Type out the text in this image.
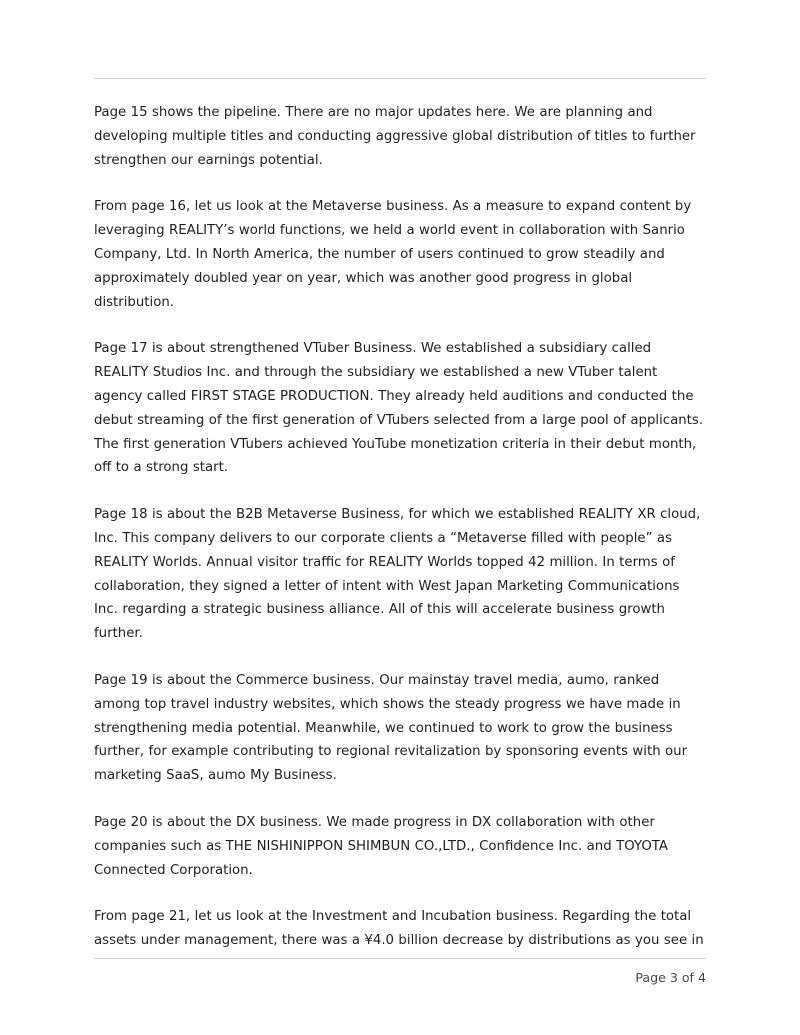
Page 15 shows the pipeline. There are no major updates here. We are planning and developing multiple titles and conducting aggressive global distribution of titles to further strengthen our earnings potential.

From page 16, let us look at the Metaverse business. As a measure to expand content by leveraging REALITY’s world functions, we held a world event in collaboration with Sanrio Company, Ltd. In North America, the number of users continued to grow steadily and approximately doubled year on year, which was another good progress in global distribution.

Page 17 is about strengthened VTuber Business. We established a subsidiary called REALITY Studios Inc. and through the subsidiary we established a new VTuber talent agency called FIRST STAGE PRODUCTION. They already held auditions and conducted the debut streaming of the first generation of VTubers selected from a large pool of applicants. The first generation VTubers achieved YouTube monetization criteria in their debut month, off to a strong start.

Page 18 is about the B2B Metaverse Business, for which we established REALITY XR cloud, Inc. This company delivers to our corporate clients a “Metaverse filled with people” as REALITY Worlds. Annual visitor traffic for REALITY Worlds topped 42 million. In terms of collaboration, they signed a letter of intent with West Japan Marketing Communications Inc. regarding a strategic business alliance. All of this will accelerate business growth further.

Page 19 is about the Commerce business. Our mainstay travel media, aumo, ranked among top travel industry websites, which shows the steady progress we have made in strengthening media potential. Meanwhile, we continued to work to grow the business further, for example contributing to regional revitalization by sponsoring events with our marketing SaaS, aumo My Business.

Page 20 is about the DX business. We made progress in DX collaboration with other companies such as THE NISHINIPPON SHIMBUN CO.,LTD., Confidence Inc. and TOYOTA Connected Corporation.

From page 21, let us look at the Investment and Incubation business. Regarding the total assets under management, there was a ¥4.0 billion decrease by distributions as you see in

Page 3 of 4
